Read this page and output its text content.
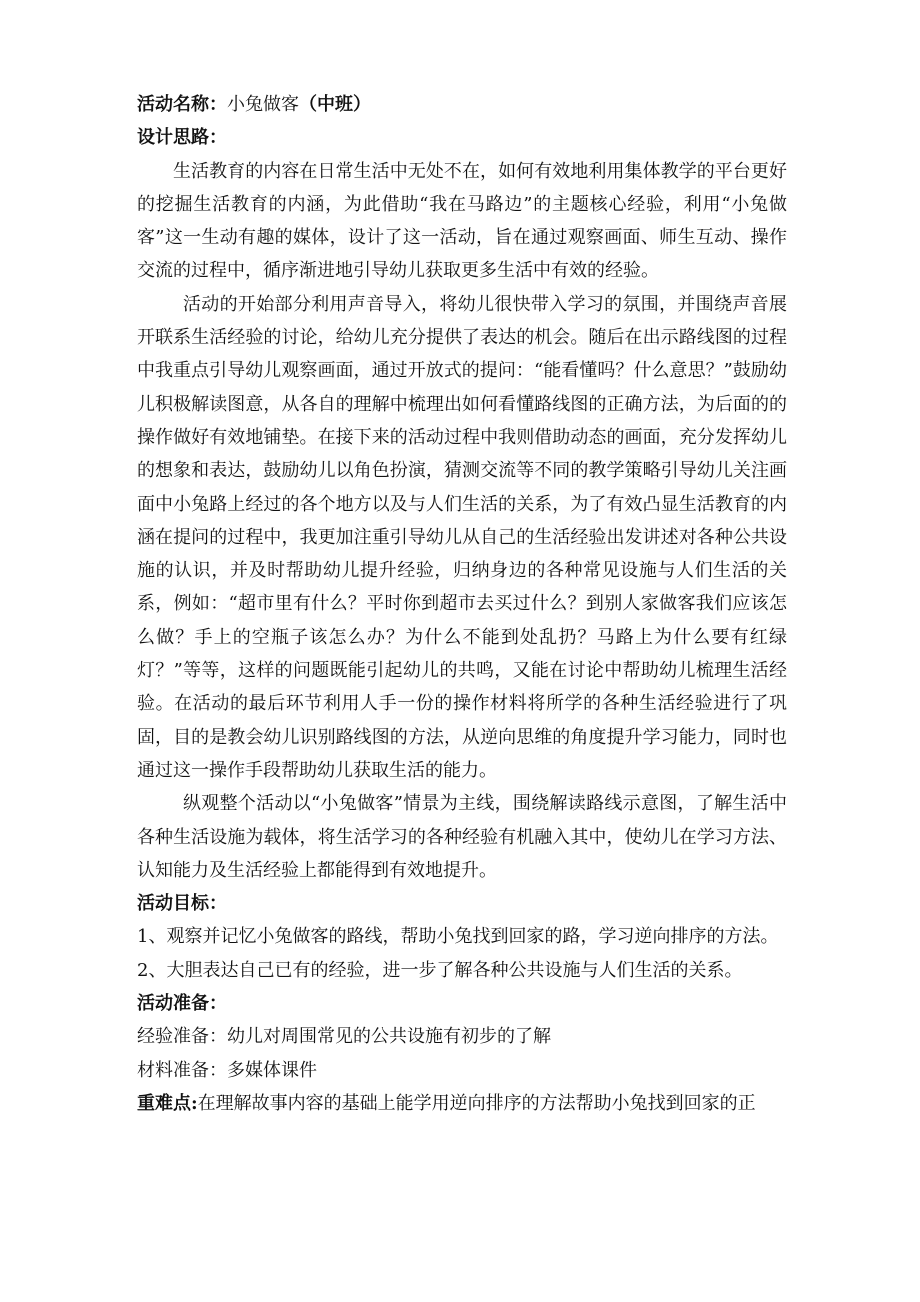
活动名称：小兔做客（中班）
设计思路：

生活教育的内容在日常生活中无处不在，如何有效地利用集体教学的平台更好的挖掘生活教育的内涵，为此借助“我在马路边”的主题核心经验，利用“小兔做客”这一生动有趣的媒体，设计了这一活动，旨在通过观察画面、师生互动、操作交流的过程中，循序渐进地引导幼儿获取更多生活中有效的经验。

活动的开始部分利用声音导入，将幼儿很快带入学习的氛围，并围绕声音展开联系生活经验的讨论，给幼儿充分提供了表达的机会。随后在出示路线图的过程中我重点引导幼儿观察画面，通过开放式的提问：“能看懂吗？什么意思？”鼓励幼儿积极解读图意，从各自的理解中梳理出如何看懂路线图的正确方法，为后面的的操作做好有效地铺垫。在接下来的活动过程中我则借助动态的画面，充分发挥幼儿的想象和表达，鼓励幼儿以角色扮演，猜测交流等不同的教学策略引导幼儿关注画面中小兔路上经过的各个地方以及与人们生活的关系，为了有效凸显生活教育的内涵在提问的过程中，我更加注重引导幼儿从自己的生活经验出发讲述对各种公共设施的认识，并及时帮助幼儿提升经验，归纳身边的各种常见设施与人们生活的关系，例如：“超市里有什么？平时你到超市去买过什么？到别人家做客我们应该怎么做？手上的空瓶子该怎么办？为什么不能到处乱扔？马路上为什么要有红绿灯？”等等，这样的问题既能引起幼儿的共鸣，又能在讨论中帮助幼儿梳理生活经验。在活动的最后环节利用人手一份的操作材料将所学的各种生活经验进行了巩固，目的是教会幼儿识别路线图的方法，从逆向思维的角度提升学习能力，同时也通过这一操作手段帮助幼儿获取生活的能力。

纵观整个活动以“小兔做客”情景为主线，围绕解读路线示意图，了解生活中各种生活设施为载体，将生活学习的各种经验有机融入其中，使幼儿在学习方法、认知能力及生活经验上都能得到有效地提升。

活动目标：
1、观察并记忆小兔做客的路线，帮助小兔找到回家的路，学习逆向排序的方法。
2、大胆表达自己已有的经验，进一步了解各种公共设施与人们生活的关系。
活动准备：
经验准备：幼儿对周围常见的公共设施有初步的了解
材料准备：多媒体课件
重难点:在理解故事内容的基础上能学用逆向排序的方法帮助小兔找到回家的正
